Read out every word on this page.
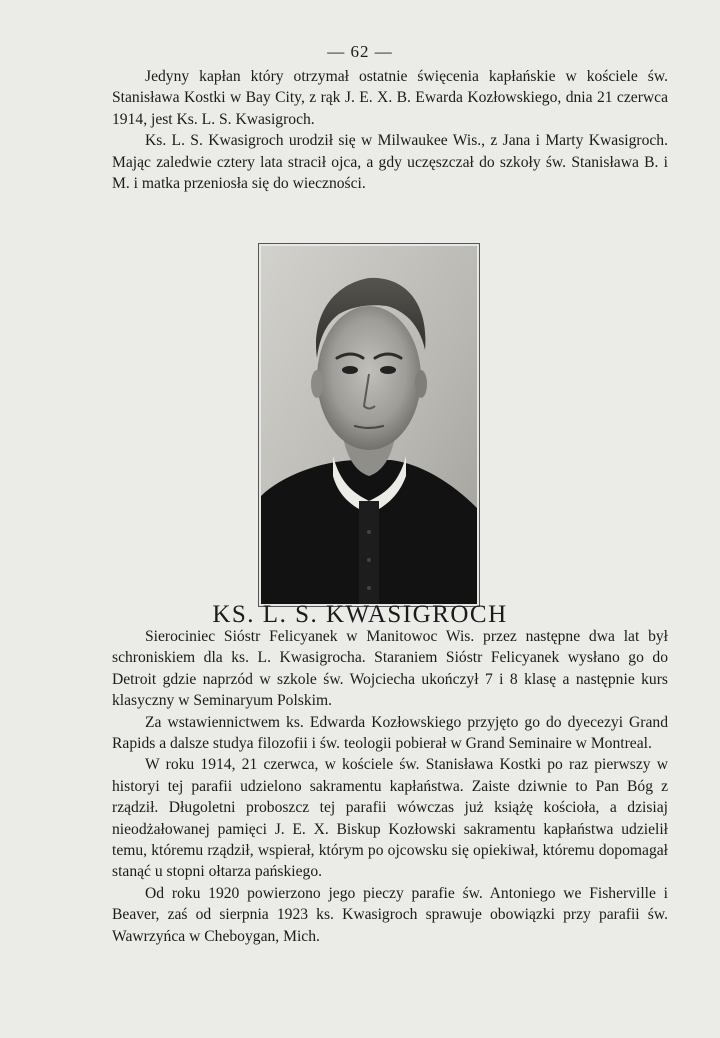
— 62 —

Jedyny kapłan który otrzymał ostatnie święcenia kapłańskie w kościele św. Stanisława Kostki w Bay City, z rąk J. E. X. B. Ewarda Kozłowskiego, dnia 21 czerwca 1914, jest Ks. L. S. Kwasigroch.

Ks. L. S. Kwasigroch urodził się w Milwaukee Wis., z Jana i Marty Kwasigroch. Mając zaledwie cztery lata stracił ojca, a gdy uczęszczał do szkoły św. Stanisława B. i M. i matka przeniosła się do wieczności.

KS. L. S. KWASIGROCH

Sierociniec Sióstr Felicyanek w Manitowoc Wis. przez następne dwa lat był schroniskiem dla ks. L. Kwasigrocha. Staraniem Sióstr Felicyanek wysłano go do Detroit gdzie naprzód w szkole św. Wojciecha ukończył 7 i 8 klasę a następnie kurs klasyczny w Seminaryum Polskim.

Za wstawiennictwem ks. Edwarda Kozłowskiego przyjęto go do dyecezyi Grand Rapids a dalsze studya filozofii i św. teologii pobierał w Grand Seminaire w Montreal.

W roku 1914, 21 czerwca, w kościele św. Stanisława Kostki po raz pierwszy w historyi tej parafii udzielono sakramentu kapłaństwa. Zaiste dziwnie to Pan Bóg z rządził. Długoletni proboszcz tej parafii wówczas już książę kościoła, a dzisiaj nieodżałowanej pamięci J. E. X. Biskup Kozłowski sakramentu kapłaństwa udzielił temu, któremu rządził, wspierał, którym po ojcowsku się opiekiwał, któremu dopomagał stanąć u stopni ołtarza pańskiego.

Od roku 1920 powierzono jego pieczy parafie św. Antoniego we Fisherville i Beaver, zaś od sierpnia 1923 ks. Kwasigroch sprawuje obowiązki przy parafii św. Wawrzyńca w Cheboygan, Mich.
